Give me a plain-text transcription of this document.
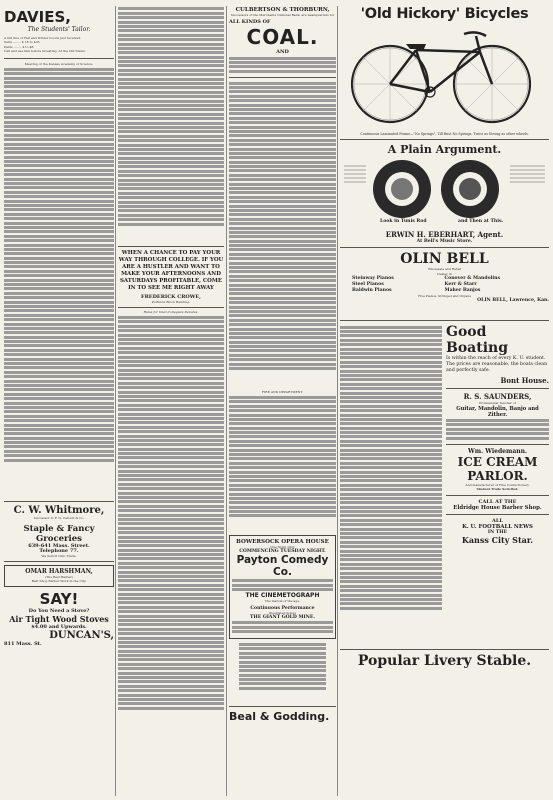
DAVIES,
The Students' Tailor.
A full line of Fall and Winter Goods just received.
Suits ........ $ 18 to $35
Pants ........ 4 to $8
Call and see him before investing. At the Old Stand.
Meeting of the Kansas Academy of Science.
C. W. Whitmore,
Successor to F. N. Calvert & Co.
Staple & Fancy Groceries
639-641 Mass. Street.
Telephone 77.
We Solicit Club Trade.
OMAR HARSHMAN,
(The Best Barber)
Best Shop Barber Work in the City.
SAY!
Do You Need a Stove?
Air Tight Wood Stoves
$4.00 and Upwards.
DUNCAN'S,
811 Mass. St.
WHEN A CHANCE TO PAY YOUR WAY THROUGH COLLEGE. IF YOU ARE A HUSTLER AND WANT TO MAKE YOUR AFTERNOONS AND SATURDAYS PROFITABLE, COME IN TO SEE ME RIGHT AWAY
FREDERICK CROWE,
Portland Block Building.
Rules for Inter-Collegiate Debates.
CULBERTSON & THORBURN,
Successors of the Merchants National Bank, are headquarters for
ALL KINDS OF
COAL.
AND
FIRE AND DEPARTMENT.
BOWERSOCK OPERA HOUSE
One Night Only
COMMENCING TUESDAY NIGHT.
Payton Comedy Co.
THE CINEMETOGRAPH
The marvel of the age.
Continuous Performance
Illustrated Songs
THE GIANT GOLD MINE.
Beal & Godding.
'Old Hickory' Bicycles
Continuous Laminated Frame—"No Springs", Till Rust No Springs, Twice as Strong as other wheels.
A Plain Argument.
Look in Tunis Rod	and Then at This.
ERWIN H. EBERHART, Agent.
At Bell's Music Store.
OLIN BELL
Wholesale and Retail
Dealer in
Steinway Pianos	Conover & Mandolins
Steel Pianos	Kerr & Starr
Baldwin Pianos	Maher Banjos
Five Pianos, Stringed and Organs
OLIN BELL, Lawrence, Kan.
Good
Boating
Is within the reach of every K. U. student. The prices are reasonable, the boats clean and perfectly safe.
Bont House.
R. S. SAUNDERS,
Professional Teacher of
Guitar, Mandolin, Banjo and Zither.
Wm. Wiedemann.
ICE CREAM
PARLOR.
And manufacturer of Fine Confectionery.
Student Trade Solicited.
CALL AT THE
Eldridge House Barber Shop.
ALL
K. U. FOOTBALL NEWS
IN THE
Kanss City Star.
Popular Livery Stable.
